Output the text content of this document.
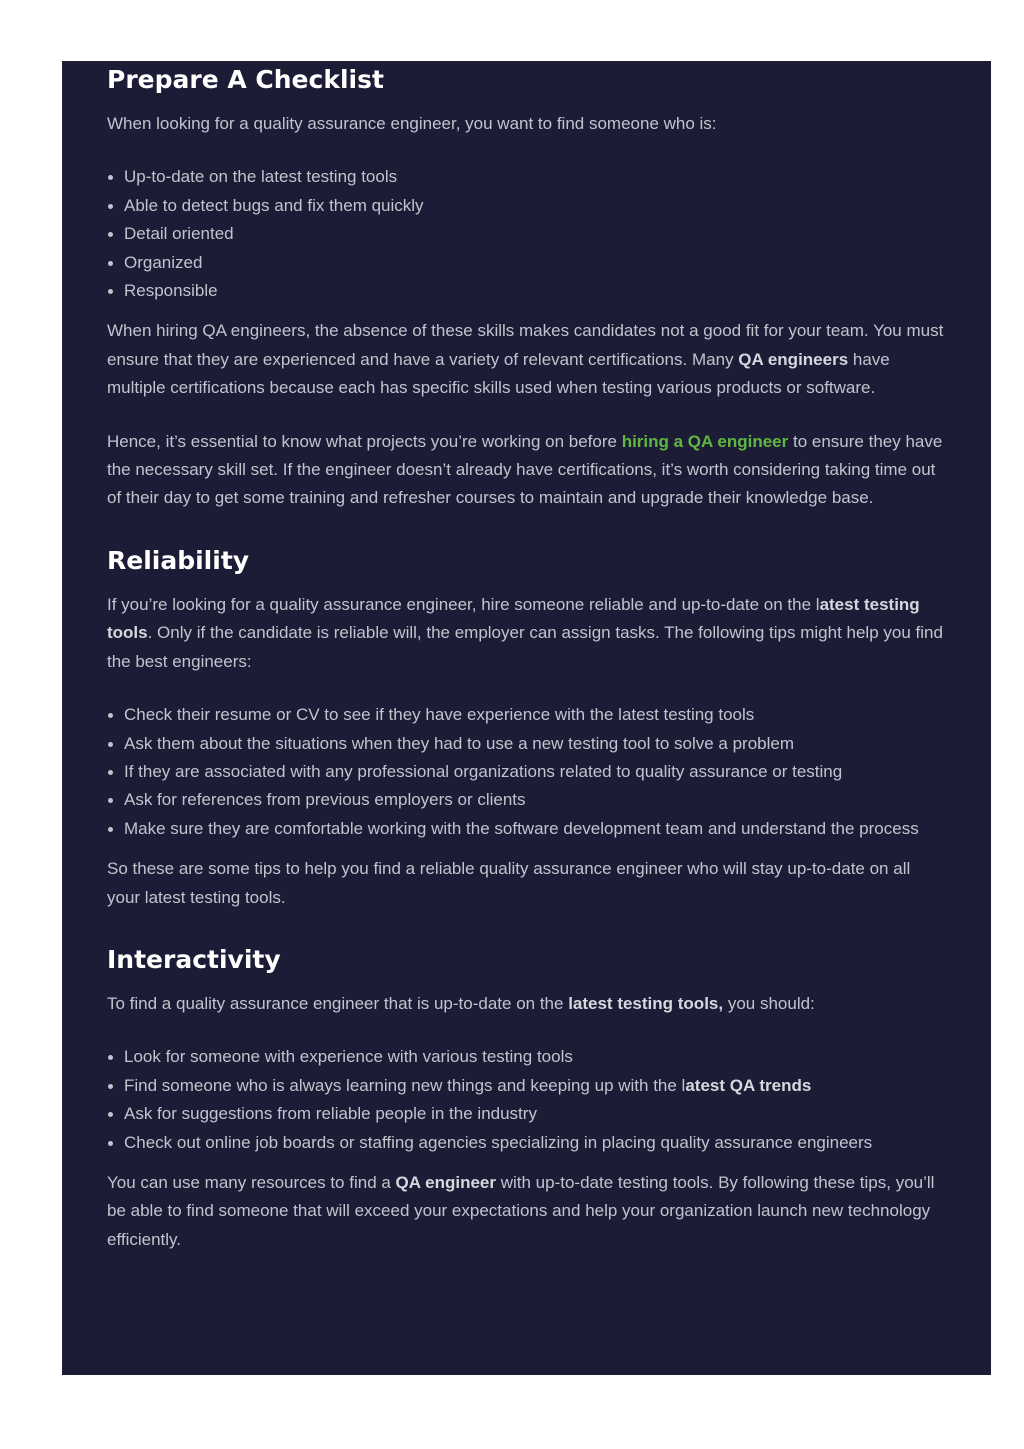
Prepare A Checklist

When looking for a quality assurance engineer, you want to find someone who is:

Up-to-date on the latest testing tools
Able to detect bugs and fix them quickly
Detail oriented
Organized
Responsible

When hiring QA engineers, the absence of these skills makes candidates not a good fit for your team. You must ensure that they are experienced and have a variety of relevant certifications. Many QA engineers have multiple certifications because each has specific skills used when testing various products or software.

Hence, it’s essential to know what projects you’re working on before hiring a QA engineer to ensure they have the necessary skill set. If the engineer doesn’t already have certifications, it’s worth considering taking time out of their day to get some training and refresher courses to maintain and upgrade their knowledge base.

Reliability

If you’re looking for a quality assurance engineer, hire someone reliable and up-to-date on the latest testing tools. Only if the candidate is reliable will, the employer can assign tasks. The following tips might help you find the best engineers:

Check their resume or CV to see if they have experience with the latest testing tools
Ask them about the situations when they had to use a new testing tool to solve a problem
If they are associated with any professional organizations related to quality assurance or testing
Ask for references from previous employers or clients
Make sure they are comfortable working with the software development team and understand the process

So these are some tips to help you find a reliable quality assurance engineer who will stay up-to-date on all your latest testing tools.

Interactivity

To find a quality assurance engineer that is up-to-date on the latest testing tools, you should:

Look for someone with experience with various testing tools
Find someone who is always learning new things and keeping up with the latest QA trends
Ask for suggestions from reliable people in the industry
Check out online job boards or staffing agencies specializing in placing quality assurance engineers

You can use many resources to find a QA engineer with up-to-date testing tools. By following these tips, you’ll be able to find someone that will exceed your expectations and help your organization launch new technology efficiently.
